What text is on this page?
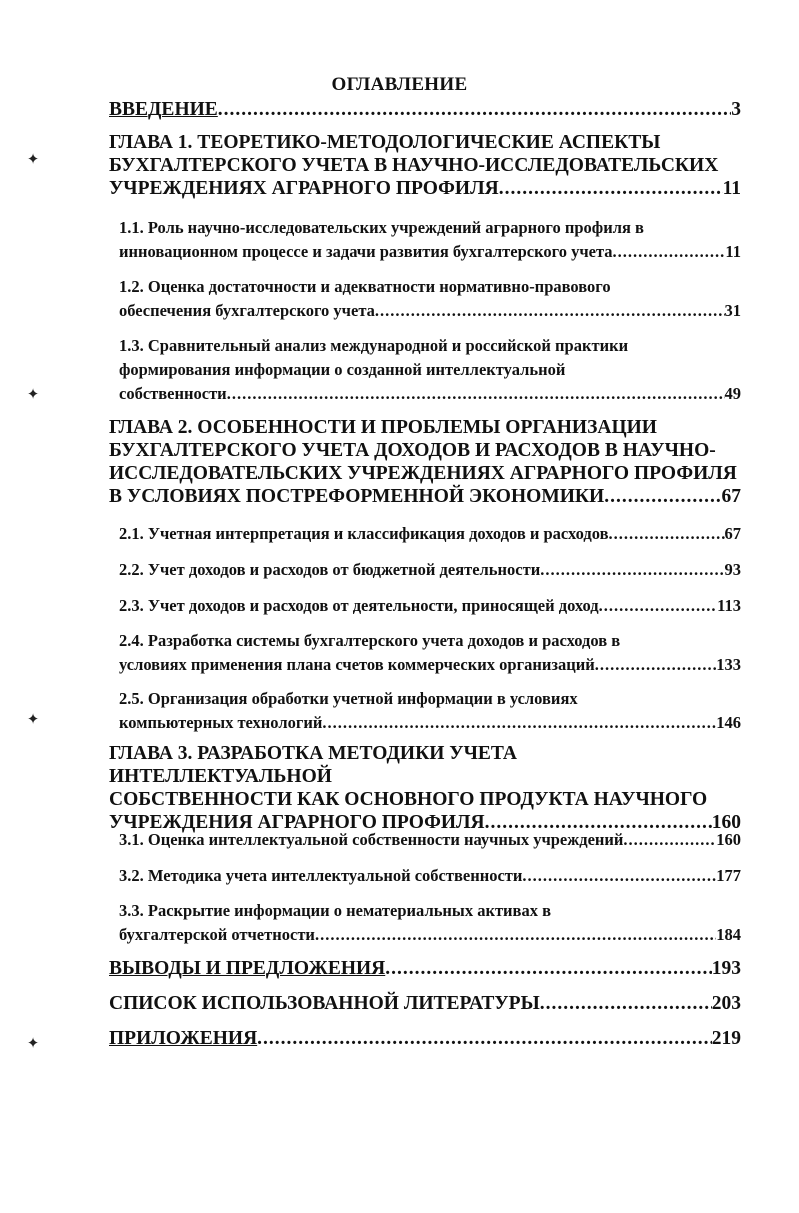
ОГЛАВЛЕНИЕ
ВВЕДЕНИЕ .....	3
ГЛАВА 1. ТЕОРЕТИКО-МЕТОДОЛОГИЧЕСКИЕ АСПЕКТЫ
БУХГАЛТЕРСКОГО УЧЕТА В НАУЧНО-ИССЛЕДОВАТЕЛЬСКИХ
УЧРЕЖДЕНИЯХ АГРАРНОГО ПРОФИЛЯ .....	11
1.1. Роль научно-исследовательских учреждений аграрного профиля в
инновационном процессе и задачи развития бухгалтерского учета .....	11
1.2. Оценка достаточности и адекватности нормативно-правового
обеспечения бухгалтерского учета .....	31
1.3. Сравнительный анализ международной и российской практики
формирования информации о созданной интеллектуальной
собственности .....	49
ГЛАВА 2. ОСОБЕННОСТИ И ПРОБЛЕМЫ ОРГАНИЗАЦИИ
БУХГАЛТЕРСКОГО УЧЕТА ДОХОДОВ И РАСХОДОВ В НАУЧНО-
ИССЛЕДОВАТЕЛЬСКИХ УЧРЕЖДЕНИЯХ АГРАРНОГО ПРОФИЛЯ
В УСЛОВИЯХ ПОСТРЕФОРМЕННОЙ ЭКОНОМИКИ .....	67
2.1. Учетная интерпретация и классификация доходов и расходов .....	67
2.2. Учет доходов и расходов от бюджетной деятельности .....	93
2.3. Учет доходов и расходов от деятельности, приносящей доход .....	113
2.4. Разработка системы бухгалтерского учета доходов и расходов в
условиях применения плана счетов коммерческих организаций .....	133
2.5. Организация обработки учетной информации в условиях
компьютерных технологий .....	146
ГЛАВА 3. РАЗРАБОТКА МЕТОДИКИ УЧЕТА ИНТЕЛЛЕКТУАЛЬНОЙ
СОБСТВЕННОСТИ КАК ОСНОВНОГО ПРОДУКТА НАУЧНОГО
УЧРЕЖДЕНИЯ АГРАРНОГО ПРОФИЛЯ .....	160
3.1. Оценка интеллектуальной собственности научных учреждений .....	160
3.2. Методика учета интеллектуальной собственности .....	177
3.3. Раскрытие информации о нематериальных активах в
бухгалтерской отчетности .....	184
ВЫВОДЫ И ПРЕДЛОЖЕНИЯ .....	193
СПИСОК ИСПОЛЬЗОВАННОЙ ЛИТЕРАТУРЫ .....	203
ПРИЛОЖЕНИЯ .....	219
✦
✦
✦
✦
